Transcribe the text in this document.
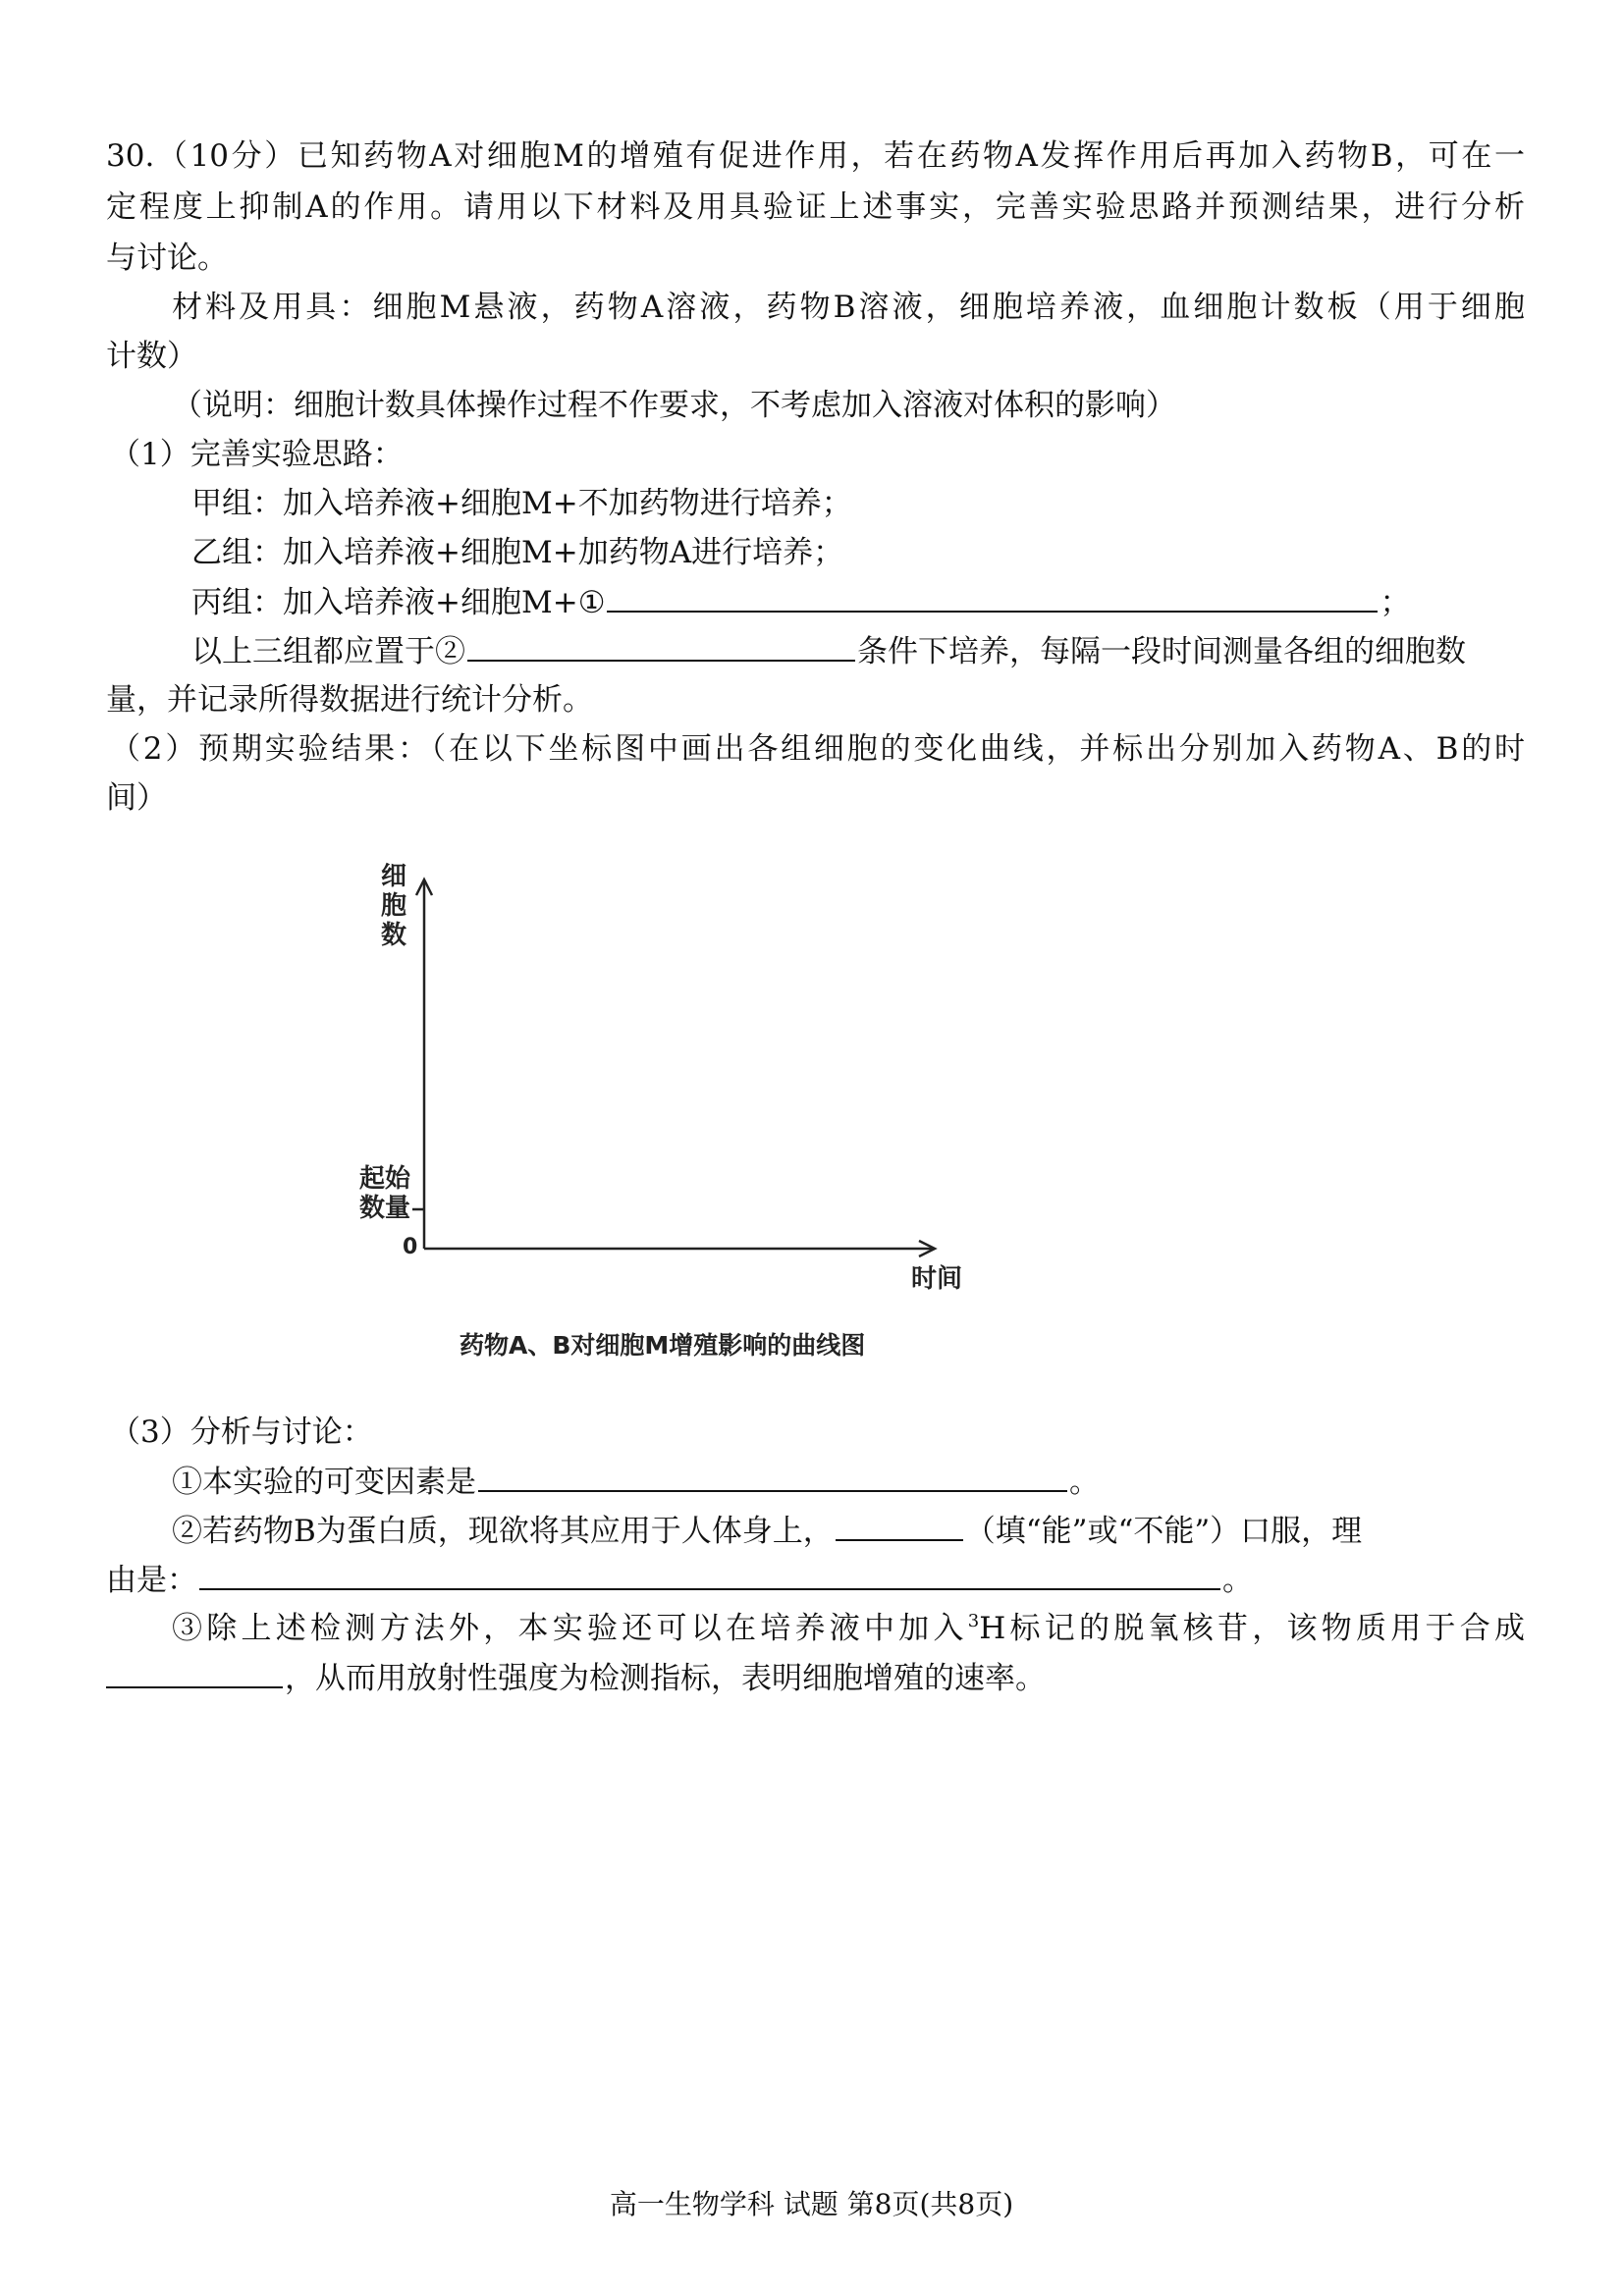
30.（10分）已知药物A对细胞M的增殖有促进作用，若在药物A发挥作用后再加入药物B，可在一
定程度上抑制A的作用。请用以下材料及用具验证上述事实，完善实验思路并预测结果，进行分析
与讨论。
材料及用具：细胞M悬液，药物A溶液，药物B溶液，细胞培养液，血细胞计数板（用于细胞
计数）
（说明：细胞计数具体操作过程不作要求，不考虑加入溶液对体积的影响）
（1）完善实验思路：
甲组：加入培养液+细胞M+不加药物进行培养；
乙组：加入培养液+细胞M+加药物A进行培养；
丙组：加入培养液+细胞M+①	；
以上三组都应置于②	条件下培养，每隔一段时间测量各组的细胞数
量，并记录所得数据进行统计分析。
（2）预期实验结果：（在以下坐标图中画出各组细胞的变化曲线，并标出分别加入药物A、B的时
间）
细
胞
数
起始
数量
0
时间
药物A、B对细胞M增殖影响的曲线图
（3）分析与讨论：
①本实验的可变因素是	。
②若药物B为蛋白质，现欲将其应用于人体身上，	（填“能”或“不能”）口服，理
由是：	。
③除上述检测方法外，本实验还可以在培养液中加入$^3$H标记的脱氧核苷，该物质用于合成
，从而用放射性强度为检测指标，表明细胞增殖的速率。
高一生物学科 试题 第8页(共8页)
